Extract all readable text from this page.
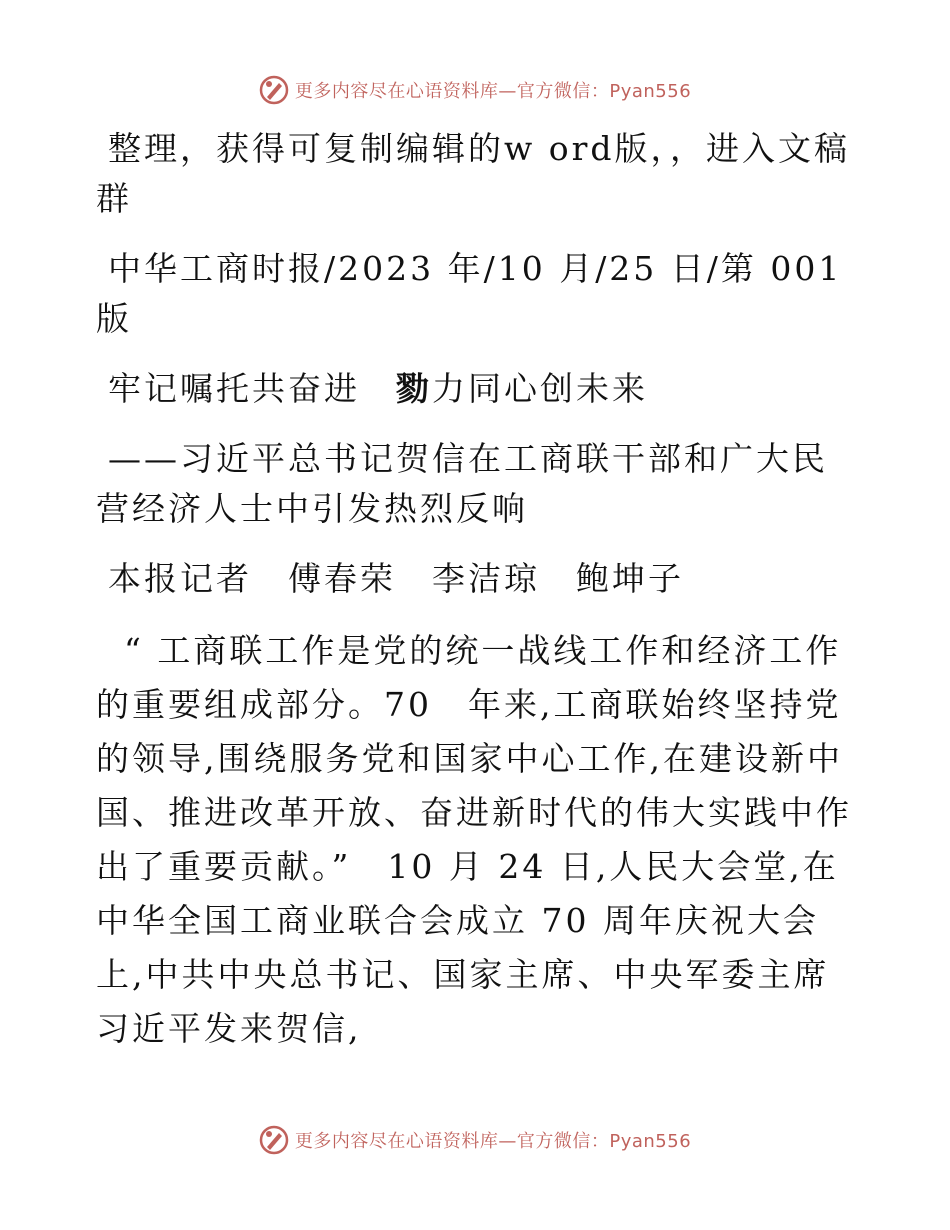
更多内容尽在心语资料库—官方微信：Pyan556

整理，获得可复制编辑的w ord版，，进入文稿群

中华工商时报/2023 年/10 月/25 日/第 001 版

牢记嘱托共奋进　 勠力同心创未来

——习近平总书记贺信在工商联干部和广大民营经济人士中引发热烈反响

本报记者　傅春荣　李洁琼　鲍坤子

“ 工商联工作是党的统一战线工作和经济工作的重要组成部分。70　年来,工商联始终坚持党的领导,围绕服务党和国家中心工作,在建设新中国、推进改革开放、奋进新时代的伟大实践中作出了重要贡献。”　10 月 24 日,人民大会堂,在中华全国工商业联合会成立 70 周年庆祝大会上,中共中央总书记、国家主席、中央军委主席习近平发来贺信,

更多内容尽在心语资料库—官方微信：Pyan556
